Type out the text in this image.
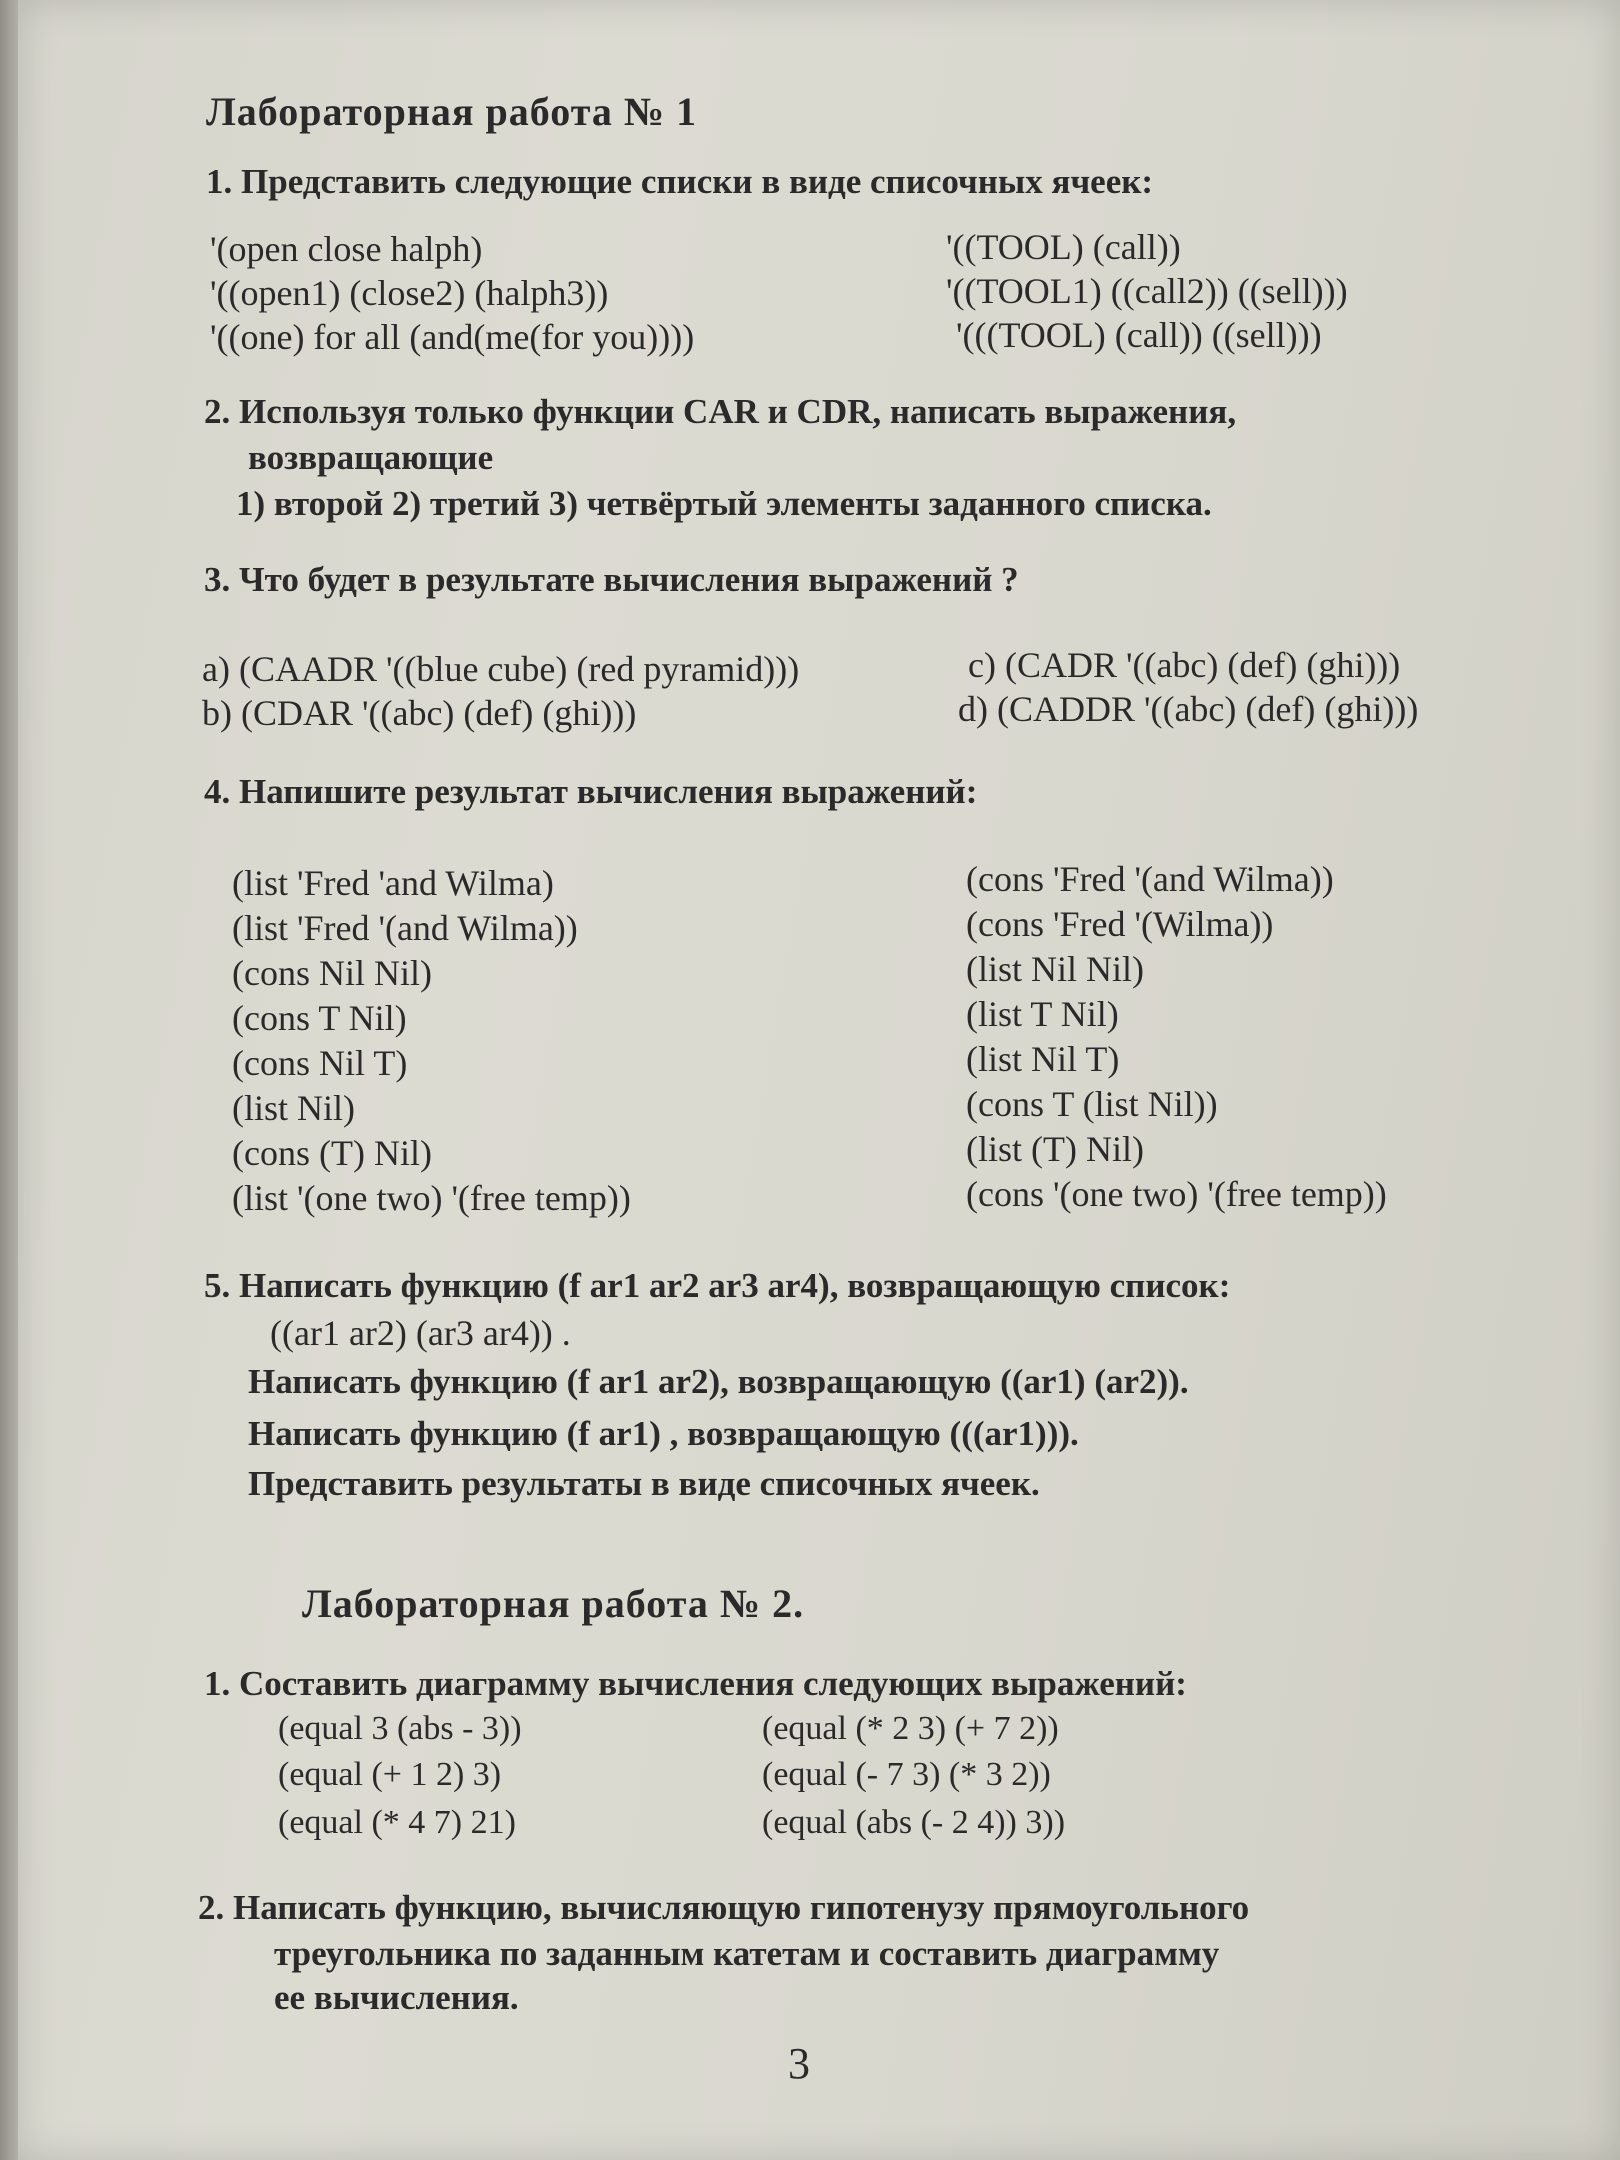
Лабораторная работа № 1
1. Представить следующие списки в виде списочных ячеек:
'(open close halph)
'((open1) (close2) (halph3))
'((one) for all (and(me(for you))))
'((TOOL) (call))
'((TOOL1) ((call2)) ((sell)))
'(((TOOL) (call)) ((sell)))
2. Используя только функции CAR и CDR, написать выражения,
возвращающие
1) второй 2) третий 3) четвёртый элементы заданного списка.
3. Что будет в результате вычисления выражений ?
a) (CAADR '((blue cube) (red pyramid)))
b) (CDAR '((abc) (def) (ghi)))
c) (CADR '((abc) (def) (ghi)))
d) (CADDR '((abc) (def) (ghi)))
4. Напишите результат вычисления выражений:
(list 'Fred 'and Wilma)
(list 'Fred '(and Wilma))
(cons Nil Nil)
(cons T Nil)
(cons Nil T)
(list Nil)
(cons (T) Nil)
(list '(one two) '(free temp))
(cons 'Fred '(and Wilma))
(cons 'Fred '(Wilma))
(list Nil Nil)
(list T Nil)
(list Nil T)
(cons T (list Nil))
(list (T) Nil)
(cons '(one two) '(free temp))
5. Написать функцию (f ar1 ar2 ar3 ar4), возвращающую список:
((ar1 ar2) (ar3 ar4)) .
Написать функцию (f ar1 ar2), возвращающую ((ar1) (ar2)).
Написать функцию (f ar1) , возвращающую (((ar1))).
Представить результаты в виде списочных ячеек.
Лабораторная работа № 2.
1. Составить диаграмму вычисления следующих выражений:
(equal 3 (abs - 3))
(equal (+ 1 2) 3)
(equal (* 4 7) 21)
(equal (* 2 3) (+ 7 2))
(equal (- 7 3) (* 3 2))
(equal (abs (- 2 4)) 3))
2. Написать функцию, вычисляющую гипотенузу прямоугольного
треугольника по заданным катетам и составить диаграмму
ее вычисления.
3
